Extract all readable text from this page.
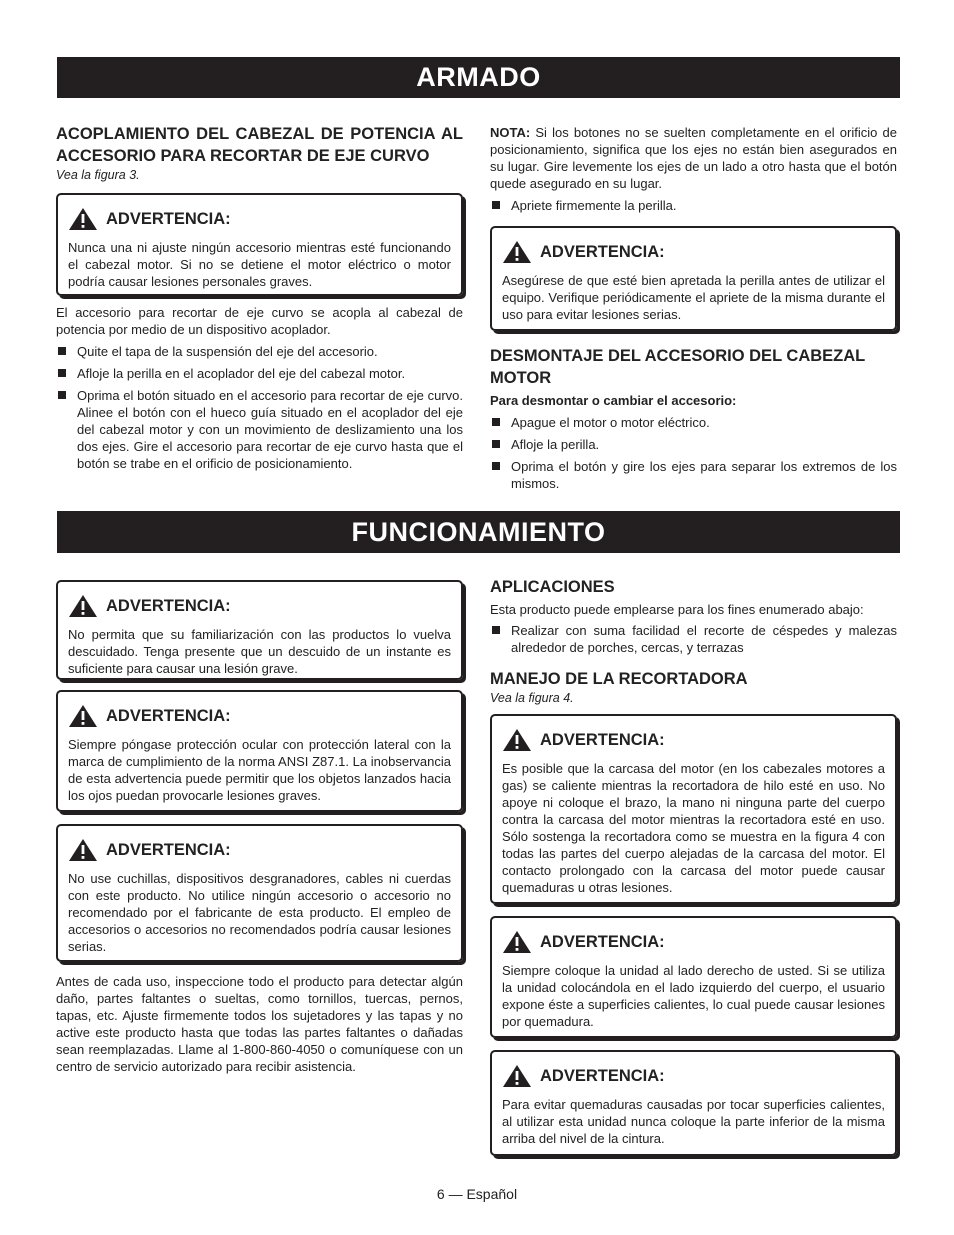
ARMADO
ACOPLAMIENTO DEL CABEZAL DE POTENCIA AL ACCESORIO PARA RECORTAR DE EJE CURVO

Vea la figura 3.

ADVERTENCIA:

Nunca una ni ajuste ningún accesorio mientras esté funcionando el cabezal motor. Si no se detiene el motor eléctrico o motor podría causar lesiones personales graves.

El accesorio para recortar de eje curvo se acopla al cabezal de potencia por medio de un dispositivo acoplador.

Quite el tapa de la suspensión del eje del accesorio.
Afloje la perilla en el acoplador del eje del cabezal motor.
Oprima el botón situado en el accesorio para recortar de eje curvo. Alinee el botón con el hueco guía situado en el acoplador del eje del cabezal motor y con un movimiento de deslizamiento una los dos ejes. Gire el accesorio para recortar de eje curvo hasta que el botón se trabe en el orificio de posicionamiento.

NOTA: Si los botones no se suelten completamente en el orificio de posicionamiento, significa que los ejes no están bien asegurados en su lugar. Gire levemente los ejes de un lado a otro hasta que el botón quede asegurado en su lugar.

Apriete firmemente la perilla.
ADVERTENCIA:

Asegúrese de que esté bien apretada la perilla antes de utilizar el equipo. Verifique periódicamente el apriete de la misma durante el uso para evitar lesiones serias.

DESMONTAJE DEL ACCESORIO DEL CABEZAL MOTOR

Para desmontar o cambiar el accesorio:

Apague el motor o motor eléctrico.
Afloje la perilla.
Oprima el botón y gire los ejes para separar los extremos de los mismos.
FUNCIONAMIENTO
ADVERTENCIA:

No permita que su familiarización con las productos lo vuelva descuidado. Tenga presente que un descuido de un instante es suficiente para causar una lesión grave.

ADVERTENCIA:

Siempre póngase protección ocular con protección lateral con la marca de cumplimiento de la norma ANSI Z87.1. La inobservancia de esta advertencia puede permitir que los objetos lanzados hacia los ojos puedan provocarle lesiones graves.

ADVERTENCIA:

No use cuchillas, dispositivos desgranadores, cables ni cuerdas con este producto. No utilice ningún accesorio o accesorio no recomendado por el fabricante de esta producto. El empleo de accesorios o accesorios no recomendados podría causar lesiones serias.

Antes de cada uso, inspeccione todo el producto para detectar algún daño, partes faltantes o sueltas, como tornillos, tuercas, pernos, tapas, etc. Ajuste firmemente todos los sujetadores y las tapas y no active este producto hasta que todas las partes faltantes o dañadas sean reemplazadas. Llame al 1-800-860-4050 o comuníquese con un centro de servicio autorizado para recibir asistencia.

APLICACIONES

Esta producto puede emplearse para los fines enumerado abajo:

Realizar con suma facilidad el recorte de céspedes y malezas alrededor de porches, cercas, y terrazas
MANEJO DE LA RECORTADORA

Vea la figura 4.

ADVERTENCIA:

Es posible que la carcasa del motor (en los cabezales motores a gas) se caliente mientras la recortadora de hilo esté en uso. No apoye ni coloque el brazo, la mano ni ninguna parte del cuerpo contra la carcasa del motor mientras la recortadora esté en uso. Sólo sostenga la recortadora como se muestra en la figura 4 con todas las partes del cuerpo alejadas de la carcasa del motor. El contacto prolongado con la carcasa del motor puede causar quemaduras u otras lesiones.

ADVERTENCIA:

Siempre coloque la unidad al lado derecho de usted. Si se utiliza la unidad colocándola en el lado izquierdo del cuerpo, el usuario expone éste a superficies calientes, lo cual puede causar lesiones por quemadura.

ADVERTENCIA:

Para evitar quemaduras causadas por tocar superficies calientes, al utilizar esta unidad nunca coloque la parte inferior de la misma arriba del nivel de la cintura.

6 — Español
